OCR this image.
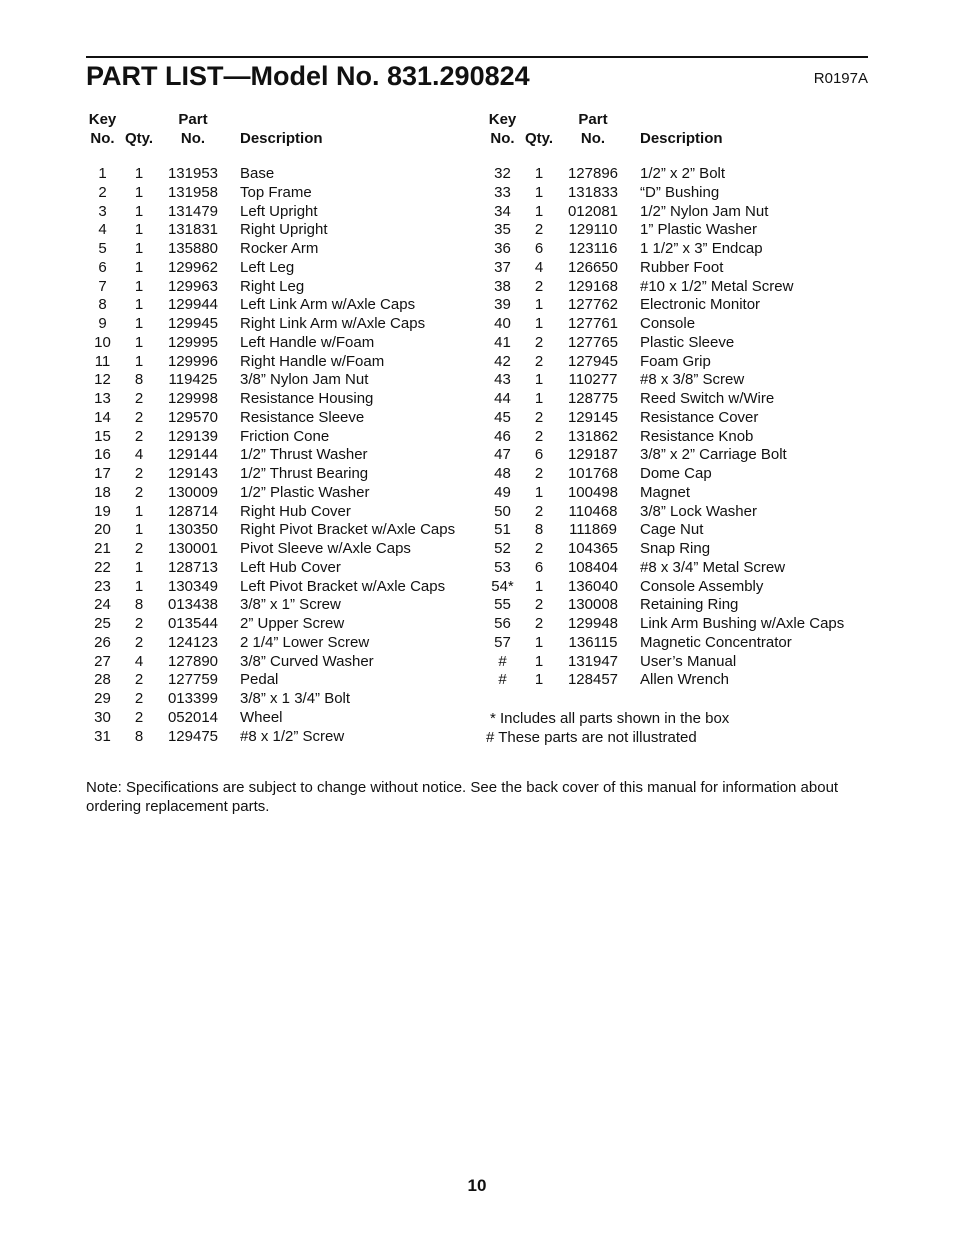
PART LIST—Model No. 831.290824	R0197A
Key
No.	Qty.	Part
No.		Description
1	1	131953		Base
2	1	131958		Top Frame
3	1	131479		Left Upright
4	1	131831		Right Upright
5	1	135880		Rocker Arm
6	1	129962		Left Leg
7	1	129963		Right Leg
8	1	129944		Left Link Arm w/Axle Caps
9	1	129945		Right Link Arm w/Axle Caps
10	1	129995		Left Handle w/Foam
11	1	129996		Right Handle w/Foam
12	8	119425		3/8” Nylon Jam Nut
13	2	129998		Resistance Housing
14	2	129570		Resistance Sleeve
15	2	129139		Friction Cone
16	4	129144		1/2” Thrust Washer
17	2	129143		1/2” Thrust Bearing
18	2	130009		1/2” Plastic Washer
19	1	128714		Right Hub Cover
20	1	130350		Right Pivot Bracket w/Axle Caps
21	2	130001		Pivot Sleeve w/Axle Caps
22	1	128713		Left Hub Cover
23	1	130349		Left Pivot Bracket w/Axle Caps
24	8	013438		3/8” x 1” Screw
25	2	013544		2” Upper Screw
26	2	124123		2 1/4” Lower Screw
27	4	127890		3/8” Curved Washer
28	2	127759		Pedal
29	2	013399		3/8” x 1 3/4” Bolt
30	2	052014		Wheel
31	8	129475		#8 x 1/2” Screw
Key
No.	Qty.	Part
No.		Description
32	1	127896		1/2” x 2” Bolt
33	1	131833		“D” Bushing
34	1	012081		1/2” Nylon Jam Nut
35	2	129110		1” Plastic Washer
36	6	123116		1 1/2” x 3” Endcap
37	4	126650		Rubber Foot
38	2	129168		#10 x 1/2” Metal Screw
39	1	127762		Electronic Monitor
40	1	127761		Console
41	2	127765		Plastic Sleeve
42	2	127945		Foam Grip
43	1	110277		#8 x 3/8” Screw
44	1	128775		Reed Switch w/Wire
45	2	129145		Resistance Cover
46	2	131862		Resistance Knob
47	6	129187		3/8” x 2” Carriage Bolt
48	2	101768		Dome Cap
49	1	100498		Magnet
50	2	110468		3/8” Lock Washer
51	8	111869		Cage Nut
52	2	104365		Snap Ring
53	6	108404		#8 x 3/4” Metal Screw
54*	1	136040		Console Assembly
55	2	130008		Retaining Ring
56	2	129948		Link Arm Bushing w/Axle Caps
57	1	136115		Magnetic Concentrator
#	1	131947		User’s Manual
#	1	128457		Allen Wrench
* Includes all parts shown in the box
# These parts are not illustrated
Note: Specifications are subject to change without notice. See the back cover of this manual for information about ordering replacement parts.
10
